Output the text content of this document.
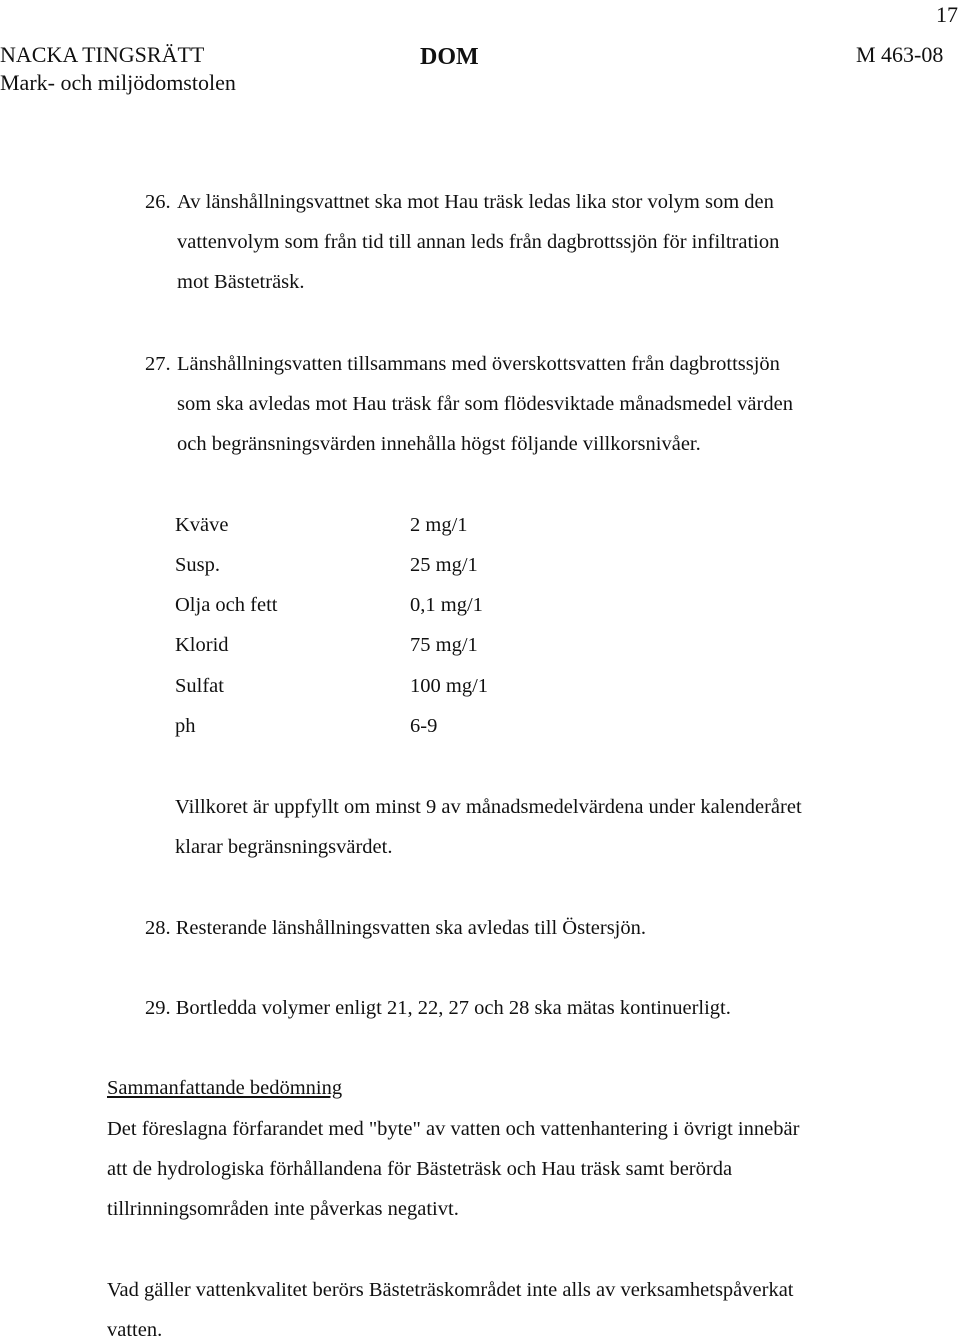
17
NACKA TINGSRÄTT
Mark- och miljödomstolen
DOM	M 463-08
26. Av länshållningsvattnet ska mot Hau träsk ledas lika stor volym som den
vattenvolym som från tid till annan leds från dagbrottssjön för infiltration
mot Bästeträsk.
27. Länshållningsvatten tillsammans med överskottsvatten från dagbrottssjön
som ska avledas mot Hau träsk får som flödesviktade månadsmedel värden
och begränsningsvärden innehålla högst följande villkorsnivåer.
Kväve	2 mg/1
Susp.	25 mg/1
Olja och fett	0,1 mg/1
Klorid	75 mg/1
Sulfat	100 mg/1
ph	6-9
Villkoret är uppfyllt om minst 9 av månadsmedelvärdena under kalenderåret
klarar begränsningsvärdet.
28. Resterande länshållningsvatten ska avledas till Östersjön.
29. Bortledda volymer enligt 21, 22, 27 och 28 ska mätas kontinuerligt.
Sammanfattande bedömning
Det föreslagna förfarandet med "byte" av vatten och vattenhantering i övrigt innebär
att de hydrologiska förhållandena för Bästeträsk och Hau träsk samt berörda
tillrinningsområden inte påverkas negativt.
Vad gäller vattenkvalitet berörs Bästeträskområdet inte alls av verksamhetspåverkat
vatten.
